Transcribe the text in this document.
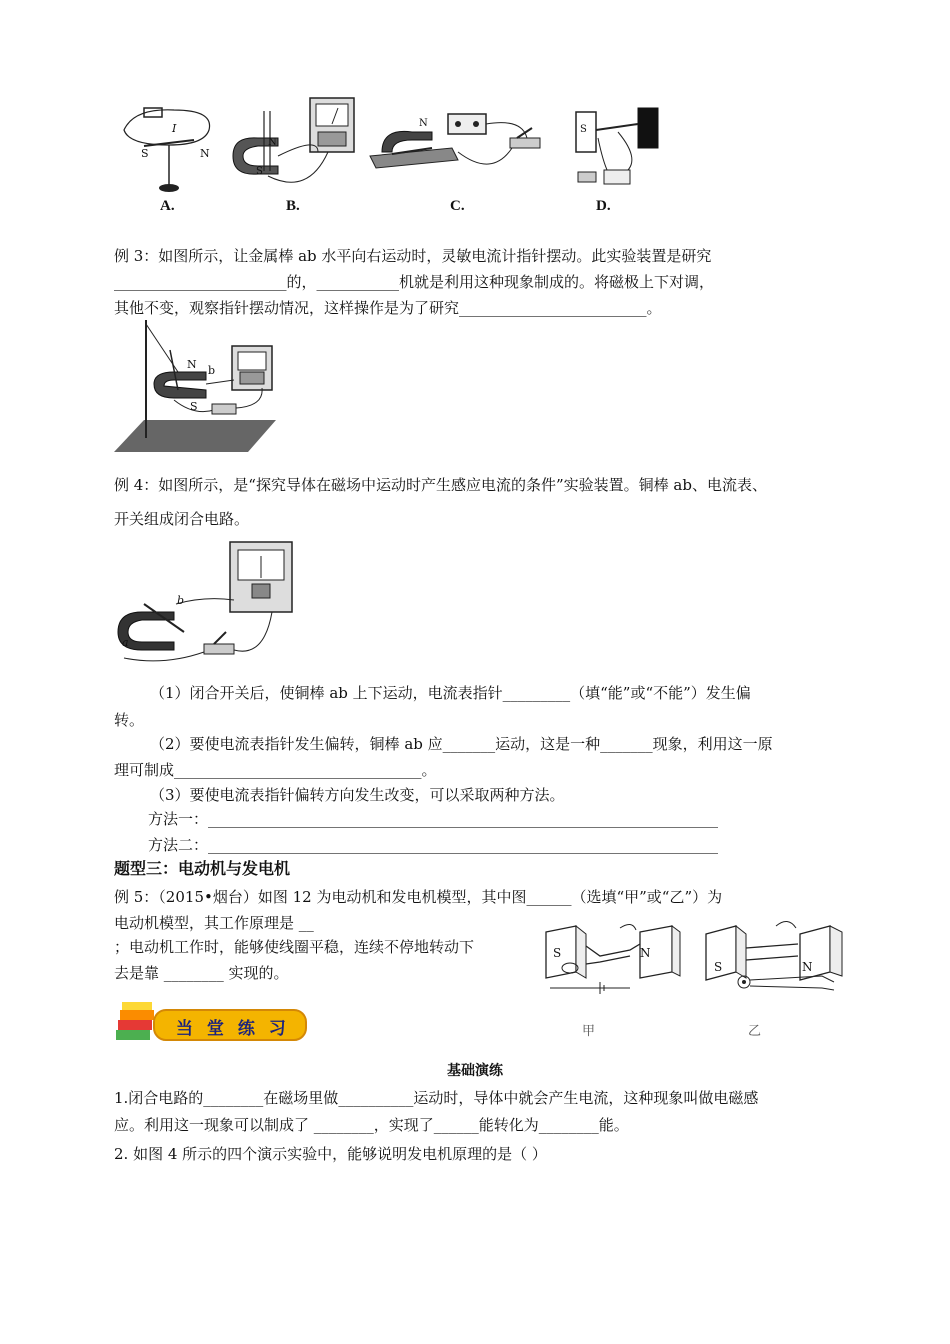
S	N
I
N
S
N
S
A.	B.	C.	D.
例 3：如图所示，让金属棒 ab 水平向右运动时，灵敏电流计指针摆动。此实验装置是研究
_______________________的，___________机就是利用这种现象制成的。将磁极上下对调，
其他不变，观察指针摆动情况，这样操作是为了研究_________________________。
N b
S
例 4：如图所示，是“探究导体在磁场中运动时产生感应电流的条件”实验装置。铜棒 ab、电流表、
开关组成闭合电路。
a
b
（1）闭合开关后，使铜棒 ab 上下运动，电流表指针_________（填“能”或“不能”）发生偏
转。
（2）要使电流表指针发生偏转，铜棒 ab 应_______运动，这是一种_______现象，利用这一原
理可制成_________________________________。
（3）要使电流表指针偏转方向发生改变，可以采取两种方法。
方法一：____________________________________________________________________
方法二：____________________________________________________________________
题型三：电动机与发电机
例 5：（2015•烟台）如图 12 为电动机和发电机模型，其中图______（选填“甲”或“乙”）为
电动机模型，其工作原理是 __
；电动机工作时，能够使线圈平稳，连续不停地转动下
去是靠 ________ 实现的。
S	N
S	N
甲	乙
当 堂 练 习
基础演练
1.闭合电路的________在磁场里做__________运动时，导体中就会产生电流，这种现象叫做电磁感
应。利用这一现象可以制成了 ________，实现了______能转化为________能。
2. 如图 4 所示的四个演示实验中，能够说明发电机原理的是（ ）
